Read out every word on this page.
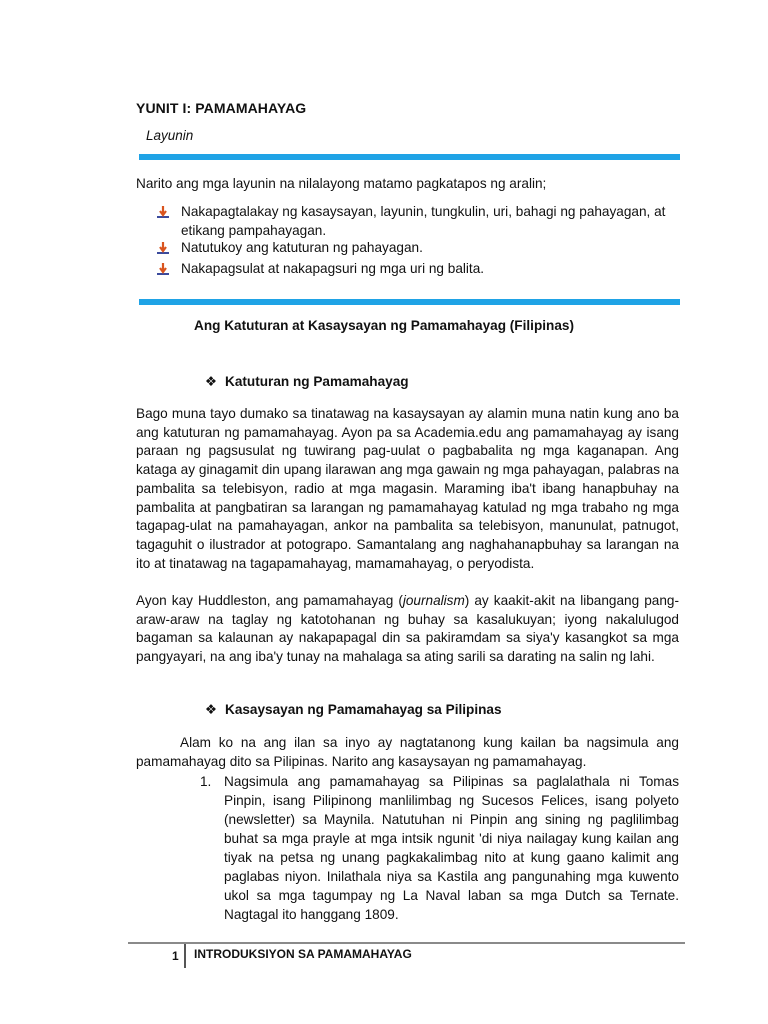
YUNIT I: PAMAMAHAYAG
Layunin
Narito ang mga layunin na nilalayong matamo pagkatapos ng aralin;
Nakapagtalakay ng kasaysayan, layunin, tungkulin, uri, bahagi ng pahayagan, at etikang pampahayagan.
Natutukoy ang katuturan ng pahayagan.
Nakapagsulat at nakapagsuri ng mga uri ng balita.
Ang Katuturan at Kasaysayan ng Pamamahayag (Filipinas)
❖ Katuturan ng Pamamahayag
Bago muna tayo dumako sa tinatawag na kasaysayan ay alamin muna natin kung ano ba ang katuturan ng pamamahayag. Ayon pa sa Academia.edu ang pamamahayag ay isang paraan ng pagsusulat ng tuwirang pag-uulat o pagbabalita ng mga kaganapan. Ang kataga ay ginagamit din upang ilarawan ang mga gawain ng mga pahayagan, palabras na pambalita sa telebisyon, radio at mga magasin. Maraming iba't ibang hanapbuhay na pambalita at pangbatiran sa larangan ng pamamahayag katulad ng mga trabaho ng mga tagapag-ulat na pamahayagan, ankor na pambalita sa telebisyon, manunulat, patnugot, tagaguhit o ilustrador at potograpo. Samantalang ang naghahanapbuhay sa larangan na ito at tinatawag na tagapamahayag, mamamahayag, o peryodista.
Ayon kay Huddleston, ang pamamahayag (journalism) ay kaakit-akit na libangang pang-araw-araw na taglay ng katotohanan ng buhay sa kasalukuyan; iyong nakalulugod bagaman sa kalaunan ay nakapapagal din sa pakiramdam sa siya'y kasangkot sa mga pangyayari, na ang iba'y tunay na mahalaga sa ating sarili sa darating na salin ng lahi.
❖ Kasaysayan ng Pamamahayag sa Pilipinas
Alam ko na ang ilan sa inyo ay nagtatanong kung kailan ba nagsimula ang pamamahayag dito sa Pilipinas. Narito ang kasaysayan ng pamamahayag.
1. Nagsimula ang pamamahayag sa Pilipinas sa paglalathala ni Tomas Pinpin, isang Pilipinong manlilimbag ng Sucesos Felices, isang polyeto (newsletter) sa Maynila. Natutuhan ni Pinpin ang sining ng paglilimbag buhat sa mga prayle at mga intsik ngunit 'di niya nailagay kung kailan ang tiyak na petsa ng unang pagkakalimbag nito at kung gaano kalimit ang paglabas niyon. Inilathala niya sa Kastila ang pangunahing mga kuwento ukol sa mga tagumpay ng La Naval laban sa mga Dutch sa Ternate. Nagtagal ito hanggang 1809.
1 INTRODUKSIYON SA PAMAMAHAYAG
